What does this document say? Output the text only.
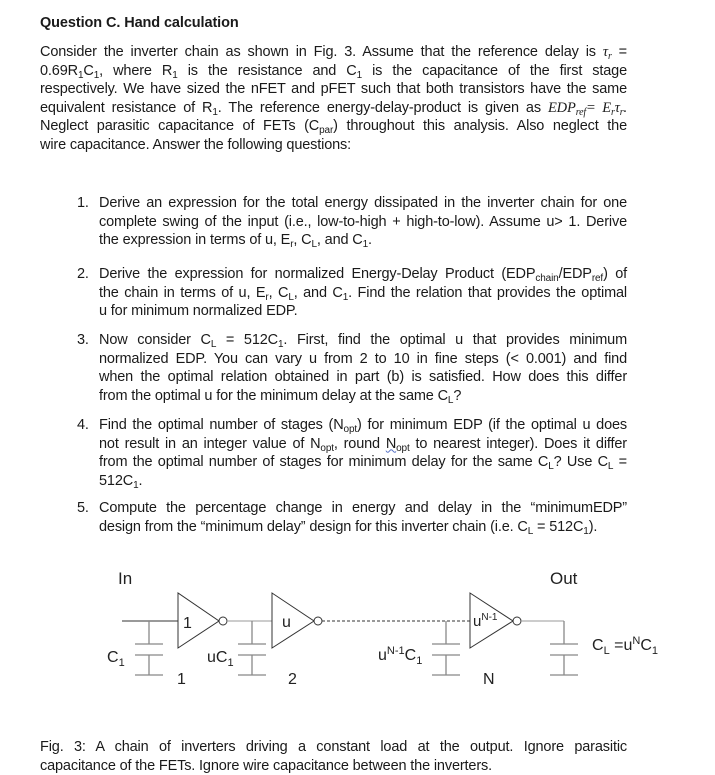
Question C. Hand calculation
Consider the inverter chain as shown in Fig. 3. Assume that the reference delay is $\tau_r$ =
$0.69R_1C_1$, where $R_1$ is the resistance and $C_1$ is the capacitance of the first stage
respectively. We have sized the nFET and pFET such that both transistors have the same
equivalent resistance of $R_1$. The reference energy-delay-product is given as $EDP_{ref}= E_r\tau_r$.
Neglect parasitic capacitance of FETs $(C_{par})$ throughout this analysis. Also neglect the
wire capacitance. Answer the following questions:
1. Derive an expression for the total energy dissipated in the inverter chain for one
complete swing of the input (i.e., low-to-high + high-to-low). Assume u> 1. Derive
the expression in terms of u, $E_r$, $C_L$, and $C_1$.
2. Derive the expression for normalized Energy-Delay Product $(EDP_{chain}/EDP_{ref})$ of
the chain in terms of u, $E_r$, $C_L$, and $C_1$. Find the relation that provides the optimal
u for minimum normalized EDP.
3. Now consider $C_L = 512C_1$. First, find the optimal u that provides minimum
normalized EDP. You can vary u from 2 to 10 in fine steps (< 0.001) and find
when the optimal relation obtained in part (b) is satisfied. How does this differ
from the optimal u for the minimum delay at the same $C_L$?
4. Find the optimal number of stages $(N_{opt})$ for minimum EDP (if the optimal u does
not result in an integer value of $N_{opt}$, round $N_{opt}$ to nearest integer). Does it differ
from the optimal number of stages for minimum delay for the same $C_L$? Use $C_L$ =
$512C_1$.
5. Compute the percentage change in energy and delay in the “minimumEDP”
design from the “minimum delay” design for this inverter chain (i.e. $C_L = 512C_1$).
In	Out
$C_1$
1
1
$uC_1$
2
u
$u^{N-1}C_1$
N
$u^{N-1}$
$C_L =u^NC_1$
Fig. 3: A chain of inverters driving a constant load at the output. Ignore parasitic
capacitance of the FETs. Ignore wire capacitance between the inverters.
